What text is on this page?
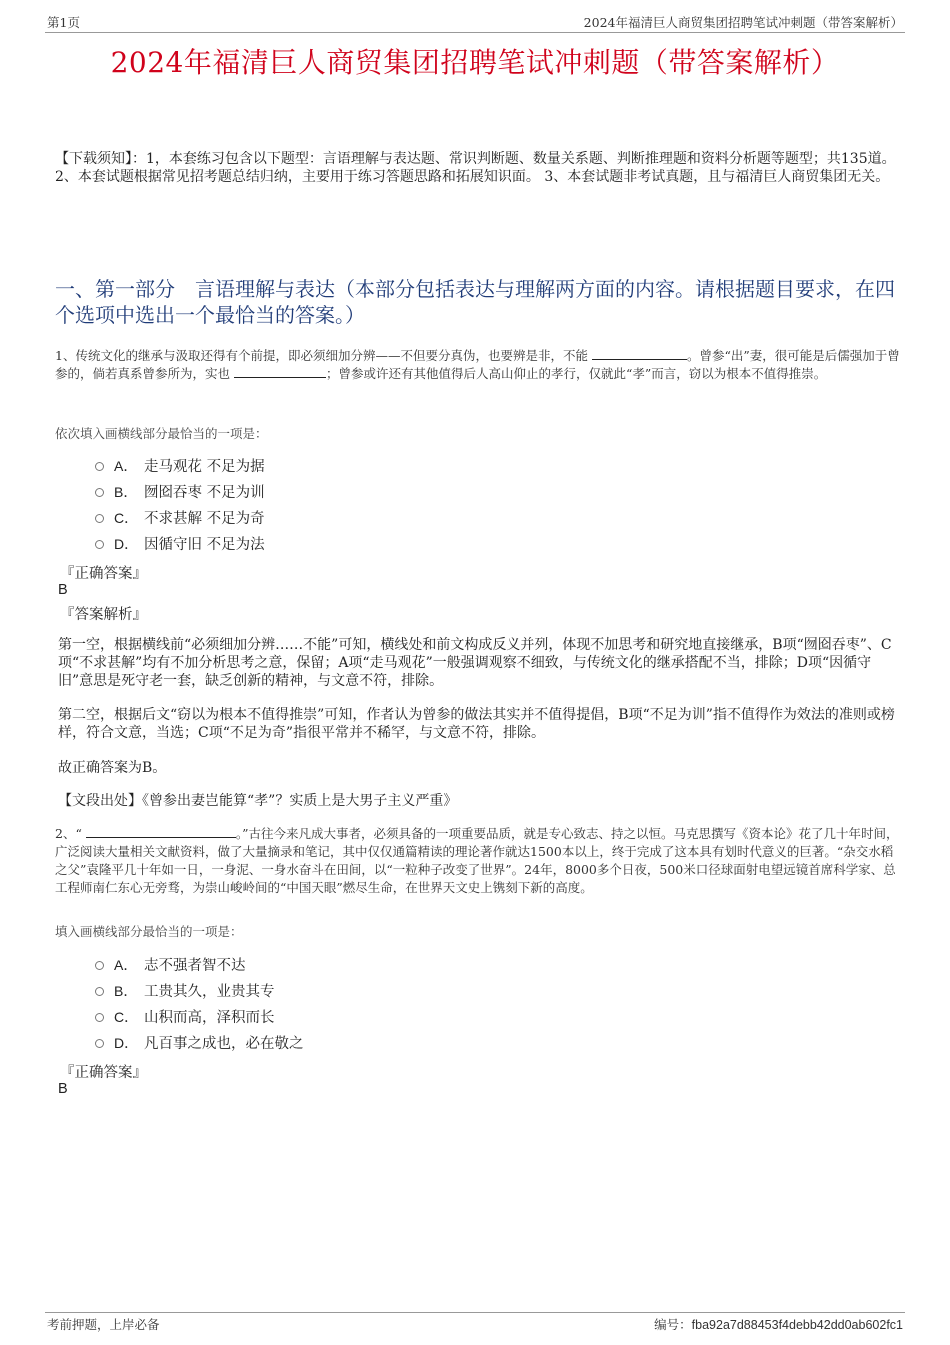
第1页	2024年福清巨人商贸集团招聘笔试冲刺题（带答案解析）
2024年福清巨人商贸集团招聘笔试冲刺题（带答案解析）
【下载须知】：1，本套练习包含以下题型：言语理解与表达题、常识判断题、数量关系题、判断推理题和资料分析题等题型；共135道。 2、本套试题根据常见招考题总结归纳，主要用于练习答题思路和拓展知识面。 3、本套试题非考试真题，且与福清巨人商贸集团无关。
一、第一部分　言语理解与表达（本部分包括表达与理解两方面的内容。请根据题目要求，在四个选项中选出一个最恰当的答案。）
1、传统文化的继承与汲取还得有个前提，即必须细加分辨——不但要分真伪，也要辨是非，不能	。曾参“出”妻，很可能是后儒强加于曾参的，倘若真系曾参所为，实也	；曾参或许还有其他值得后人高山仰止的孝行，仅就此“孝”而言，窃以为根本不值得推崇。
依次填入画横线部分最恰当的一项是：
A． 走马观花 不足为据
B． 囫囵吞枣 不足为训
C． 不求甚解 不足为奇
D． 因循守旧 不足为法
『正确答案』
B
『答案解析』
第一空，根据横线前“必须细加分辨……不能”可知，横线处和前文构成反义并列，体现不加思考和研究地直接继承，B项“囫囵吞枣”、C项“不求甚解”均有不加分析思考之意，保留；A项“走马观花”一般强调观察不细致，与传统文化的继承搭配不当，排除；D项“因循守旧”意思是死守老一套，缺乏创新的精神，与文意不符，排除。
第二空，根据后文“窃以为根本不值得推崇”可知，作者认为曾参的做法其实并不值得提倡，B项“不足为训”指不值得作为效法的准则或榜样，符合文意，当选；C项“不足为奇”指很平常并不稀罕，与文意不符，排除。
故正确答案为B。
【文段出处】《曾参出妻岂能算“孝”？实质上是大男子主义严重》
2、“	。”古往今来凡成大事者，必须具备的一项重要品质，就是专心致志、持之以恒。马克思撰写《资本论》花了几十年时间，广泛阅读大量相关文献资料，做了大量摘录和笔记，其中仅仅通篇精读的理论著作就达1500本以上，终于完成了这本具有划时代意义的巨著。“杂交水稻之父”袁隆平几十年如一日，一身泥、一身水奋斗在田间，以“一粒种子改变了世界”。24年，8000多个日夜，500米口径球面射电望远镜首席科学家、总工程师南仁东心无旁骛，为崇山峻岭间的“中国天眼”燃尽生命，在世界天文史上镌刻下新的高度。
填入画横线部分最恰当的一项是：
A． 志不强者智不达
B． 工贵其久，业贵其专
C． 山积而高，泽积而长
D． 凡百事之成也，必在敬之
『正确答案』
B
考前押题，上岸必备	编号：fba92a7d88453f4debb42dd0ab602fc1
